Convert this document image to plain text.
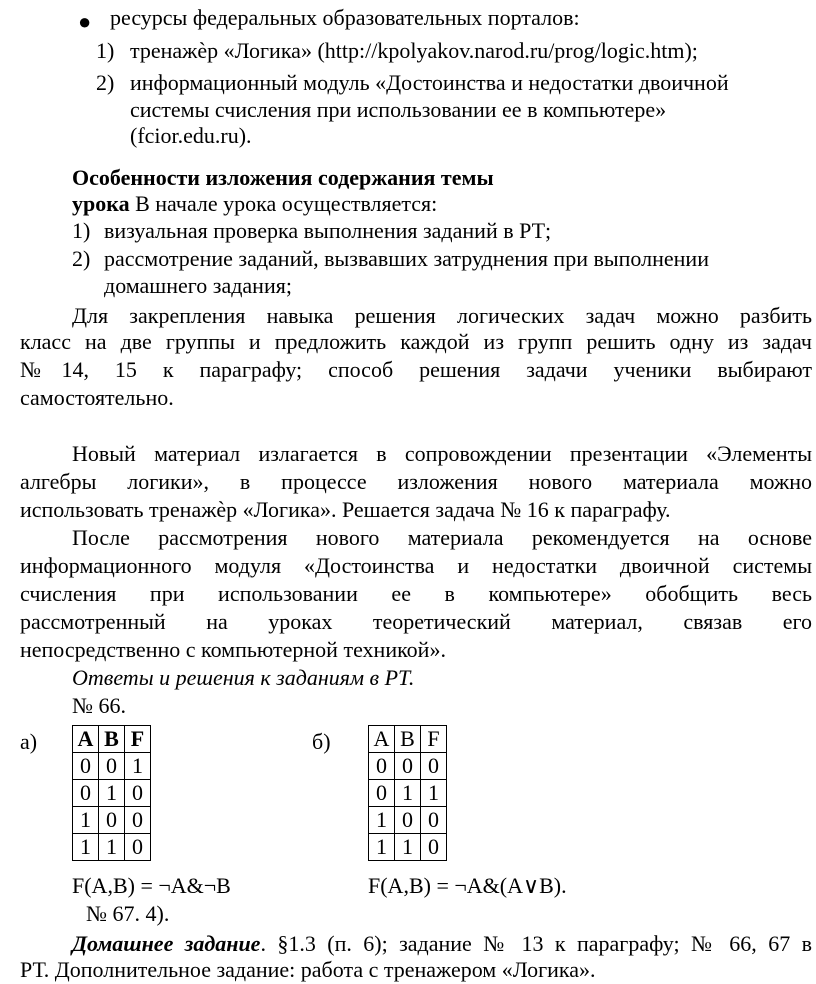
● ресурсы федеральных образовательных порталов:
1) тренажèр «Логика» (http://kpolyakov.narod.ru/prog/logic.htm);
2) информационный модуль «Достоинства и недостатки двоичной
системы счисления при использовании ее в компьютере»
(fcior.edu.ru).
Особенности изложения содержания темы
урока В начале урока осуществляется:
1) визуальная проверка выполнения заданий в РТ;
2) рассмотрение заданий, вызвавших затруднения при выполнении
домашнего задания;
Для закрепления навыка решения логических задач можно разбить
класс на две группы и предложить каждой из групп решить одну из задач
№14, 15 к параграфу; способ решения задачи ученики выбирают
самостоятельно.
Новый материал излагается в сопровождении презентации «Элементы
алгебры логики», в процессе изложения нового материала можно
использовать тренажèр «Логика». Решается задача № 16 к параграфу.
После рассмотрения нового материала рекомендуется на основе
информационного модуля «Достоинства и недостатки двоичной системы
счисления при использовании ее в компьютере» обобщить весь
рассмотренный на уроках теоретический материал, связав его
непосредственно с компьютерной техникой».
Ответы и решения к заданиям в РТ.
№ 66.
а) A	B	F
0	0	1
0	1	0
1	0	0
1	1	0
б) A	B	F
0	0	0
0	1	1
1	0	0
1	1	0
F(A,B) = ¬A&¬B	F(A,B) = ¬A&(A∨B).
№ 67. 4).
Домашнее задание. §1.3 (п. 6); задание № 13 к параграфу; № 66, 67 в
РТ. Дополнительное задание: работа с тренажером «Логика».
